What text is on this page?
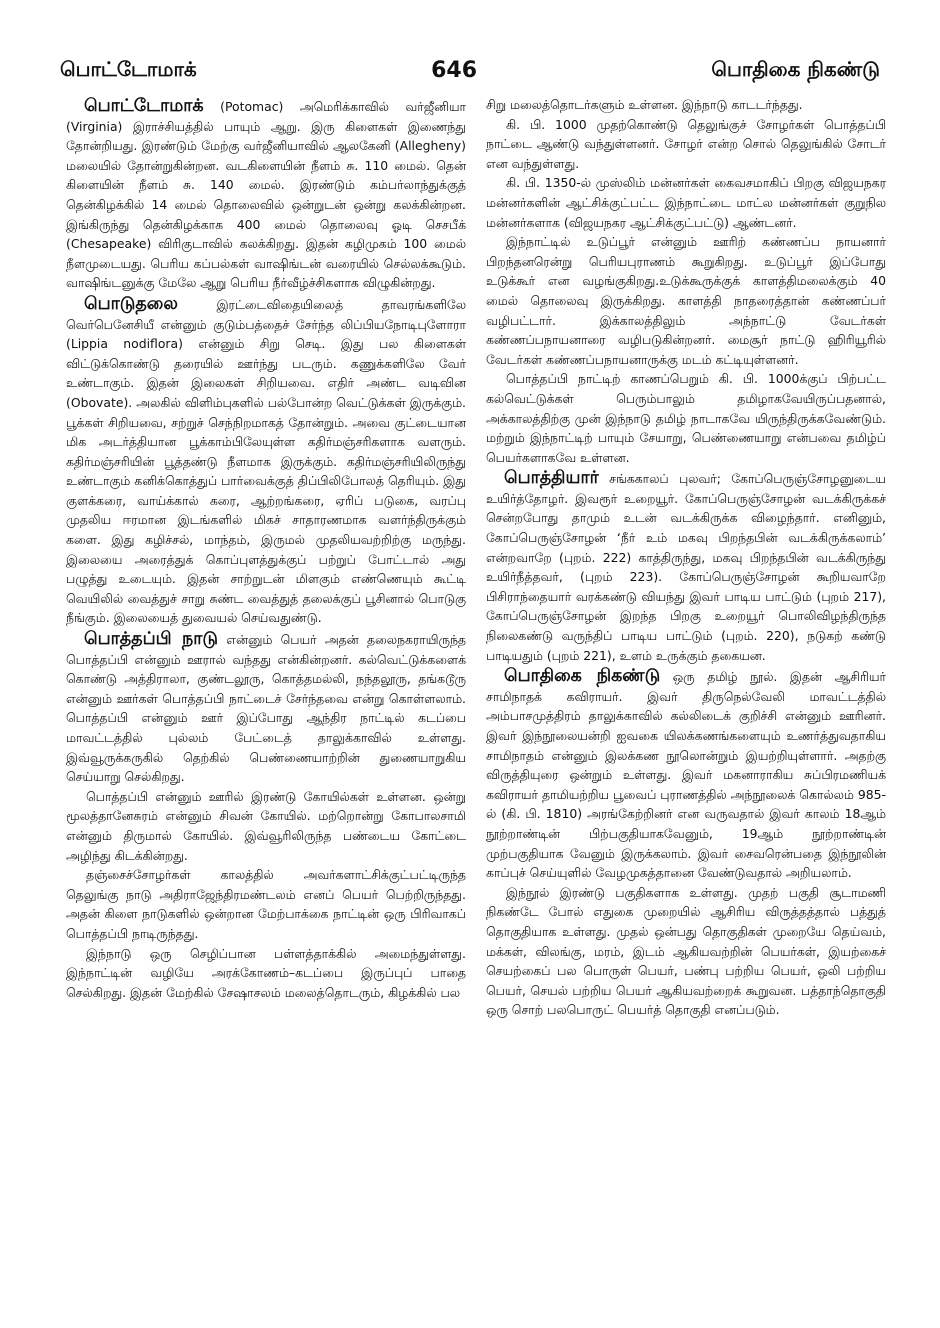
பொட்டோமாக்	646	பொதிகை நிகண்டு

பொட்டோமாக் (Potomac) அமெரிக்காவில் வர்ஜீனியா (Virginia) இராச்சியத்தில் பாயும் ஆறு. இரு கிளைகள் இணைந்து தோன்றியது. இரண்டும் மேற்கு வர்ஜீனியாவில் ஆலகேனி (Allegheny) மலையில் தோன்றுகின்றன. வடகிளையின் நீளம் சு. 110 மைல். தென் கிளையின் நீளம் சு. 140 மைல். இரண்டும் கம்பர்லாந்துக்குத் தென்கிழக்கில் 14 மைல் தொலைவில் ஒன்றுடன் ஒன்று கலக்கின்றன. இங்கிருந்து தென்கிழக்காக 400 மைல் தொலைவு ஓடி செசபீக் (Chesapeake) விரிகுடாவில் கலக்கிறது. இதன் கழிமுகம் 100 மைல் நீளமுடையது. பெரிய கப்பல்கள் வாஷிங்டன் வரையில் செல்லக்கூடும். வாஷிங்டனுக்கு மேலே ஆறு பெரிய நீர்வீழ்ச்சிகளாக விழுகின்றது.

பொடுதலை இரட்டைவிதையிலைத் தாவரங்களிலே வெர்பெனேசியீ என்னும் குடும்பத்தைச் சேர்ந்த லிப்பியநோடிபுளோரா (Lippia nodiflora) என்னும் சிறு செடி. இது பல கிளைகள் விட்டுக்கொண்டு தரையில் ஊர்ந்து படரும். கணுக்களிலே வேர் உண்டாகும். இதன் இலைகள் சிறியவை. எதிர் அண்ட வடிவின (Obovate). அலகில் விளிம்புகளில் பல்போன்ற வெட்டுக்கள் இருக்கும். பூக்கள் சிறியவை, சற்றுச் செந்நிறமாகத் தோன்றும். அவை குட்டையான மிக அடர்த்தியான பூக்காம்பிலேயுள்ள கதிர்மஞ்சரிகளாக வளரும். கதிர்மஞ்சரியின் பூத்தண்டு நீளமாக இருக்கும். கதிர்மஞ்சரியிலிருந்து உண்டாகும் கனிக்கொத்துப் பார்வைக்குத் திப்பிலிபோலத் தெரியும். இது குளக்கரை, வாய்க்கால் கரை, ஆற்றங்கரை, ஏரிப் படுகை, வரப்பு முதலிய ஈரமான இடங்களில் மிகச் சாதாரணமாக வளர்ந்திருக்கும் களை. இது கழிச்சல், மாந்தம், இருமல் முதலியவற்றிற்கு மருந்து. இலையை அரைத்துக் கொப்புளத்துக்குப் பற்றுப் போட்டால் அது பழுத்து உடையும். இதன் சாற்றுடன் மிளகும் எண்ணெயும் கூட்டி வெயிலில் வைத்துச் சாறு சுண்ட வைத்துத் தலைக்குப் பூசினால் பொடுகு நீங்கும். இலையைத் துவையல் செய்வதுண்டு.

பொத்தப்பி நாடு என்னும் பெயர் அதன் தலைநகராயிருந்த பொத்தப்பி என்னும் ஊரால் வந்தது என்கின்றனர். கல்வெட்டுக்களைக் கொண்டு அத்திராலா, குண்டலூரு, கொத்தமல்லி, நந்தலூரு, தங்கடூரு என்னும் ஊர்கள் பொத்தப்பி நாட்டைச் சேர்ந்தவை என்று கொள்ளலாம். பொத்தப்பி என்னும் ஊர் இப்போது ஆந்திர நாட்டில் கடப்பை மாவட்டத்தில் புல்லம் பேட்டைத் தாலுக்காவில் உள்ளது. இவ்வூருக்கருகில் தெற்கில் பெண்ணையாற்றின் துணையாறுகிய செய்யாறு செல்கிறது.

பொத்தப்பி என்னும் ஊரில் இரண்டு கோயில்கள் உள்ளன. ஒன்று மூலத்தானேசுரம் என்னும் சிவன் கோயில். மற்றொன்று கோபாலசாமி என்னும் திருமால் கோயில். இவ்வூரிலிருந்த பண்டைய கோட்டை அழிந்து கிடக்கின்றது.

தஞ்சைச்சோழர்கள் காலத்தில் அவர்களாட்சிக்குட்பட்டிருந்த தெலுங்கு நாடு அதிராஜேந்திரமண்டலம் எனப் பெயர் பெற்றிருந்தது. அதன் கிளை நாடுகளில் ஒன்றான மேற்பாக்கை நாட்டின் ஒரு பிரிவாகப் பொத்தப்பி நாடிருந்தது.

இந்நாடு ஒரு செழிப்பான பள்ளத்தாக்கில் அமைந்துள்ளது. இந்நாட்டின் வழியே அரக்கோணம்–கடப்பை இருப்புப் பாதை செல்கிறது. இதன் மேற்கில் சேஷாசலம் மலைத்தொடரும், கிழக்கில் பல

சிறு மலைத்தொடர்களும் உள்ளன. இந்நாடு காடடர்ந்தது.

கி. பி. 1000 முதற்கொண்டு தெலுங்குச் சோழர்கள் பொத்தப்பி நாட்டை ஆண்டு வந்துள்ளனர். சோழர் என்ற சொல் தெலுங்கில் சோடர் என வந்துள்ளது.

கி. பி. 1350-ல் முஸ்லிம் மன்னர்கள் கைவசமாகிப் பிறகு விஜயநகர மன்னர்களின் ஆட்சிக்குட்பட்ட இந்நாட்டை மாட்ல மன்னர்கள் குறுநில மன்னர்களாக (விஜயநகர ஆட்சிக்குட்பட்டு) ஆண்டனர்.

இந்நாட்டில் உடுப்பூர் என்னும் ஊரிற் கண்ணப்ப நாயனார் பிறந்தனரென்று பெரியபுராணம் கூறுகிறது. உடுப்பூர் இப்போது உடுக்கூர் என வழங்குகிறது.உடுக்கூருக்குக் காளத்திமலைக்கும் 40 மைல் தொலைவு இருக்கிறது. காளத்தி நாதரைத்தான் கண்ணப்பர் வழிபட்டார். இக்காலத்திலும் அந்நாட்டு வேடர்கள் கண்ணப்பநாயனாரை வழிபடுகின்றனர். மைசூர் நாட்டு ஹிரியூரில் வேடர்கள் கண்ணப்பநாயனாருக்கு மடம் கட்டியுள்ளனர்.

பொத்தப்பி நாட்டிற் காணப்பெறும் கி. பி. 1000க்குப் பிற்பட்ட கல்வெட்டுக்கள் பெரும்பாலும் தமிழாகவேயிருப்பதனால், அக்காலத்திற்கு முன் இந்நாடு தமிழ் நாடாகவே யிருந்திருக்கவேண்டும். மற்றும் இந்நாட்டிற் பாயும் சேயாறு, பெண்ணையாறு என்பவை தமிழ்ப் பெயர்களாகவே உள்ளன.

பொத்தியார் சங்ககாலப் புலவர்; கோப்பெருஞ்சோழனுடைய உயிர்த்தோழர். இவரூர் உறையூர். கோப்பெருஞ்சோழன் வடக்கிருக்கச் சென்றபோது தாமும் உடன் வடக்கிருக்க விழைந்தார். எனினும், கோப்பெருஞ்சோழன் ‘நீர் உம் மகவு பிறந்தபின் வடக்கிருக்கலாம்’ என்றவாறே (புறம். 222) காத்திருந்து, மகவு பிறந்தபின் வடக்கிருந்து உயிர்நீத்தவர், (புறம் 223). கோப்பெருஞ்சோழன் கூறியவாறே பிசிராந்தையார் வரக்கண்டு வியந்து இவர் பாடிய பாட்டும் (புறம் 217), கோப்பெருஞ்சோழன் இறந்த பிறகு உறையூர் பொலிவிழந்திருந்த நிலைகண்டு வருந்திப் பாடிய பாட்டும் (புறம். 220), நடுகற் கண்டு பாடியதும் (புறம் 221), உளம் உருக்கும் தகையன.

பொதிகை நிகண்டு ஒரு தமிழ் நூல். இதன் ஆசிரியர் சாமிநாதக் கவிராயர். இவர் திருநெல்வேலி மாவட்டத்தில் அம்பாசமுத்திரம் தாலுக்காவில் கல்லிடைக் குறிச்சி என்னும் ஊரினர். இவர் இந்நூலையன்றி ஐவகை யிலக்கணங்களையும் உணர்த்துவதாகிய சாமிநாதம் என்னும் இலக்கண நூலொன்றும் இயற்றியுள்ளார். அதற்கு விருத்தியுரை ஒன்றும் உள்ளது. இவர் மகனாராகிய சுப்பிரமணியக் கவிராயர் தாமியற்றிய பூவைப் புராணத்தில் அந்நூலைக் கொல்லம் 985-ல் (கி. பி. 1810) அரங்கேற்றினர் என வருவதால் இவர் காலம் 18ஆம் நூற்றாண்டின் பிற்பகுதியாகவேனும், 19ஆம் நூற்றாண்டின் முற்பகுதியாக வேனும் இருக்கலாம். இவர் சைவரென்பதை இந்நூலின் காப்புச் செய்யுளில் வேழமுகத்தானை வேண்டுவதால் அறியலாம்.

இந்நூல் இரண்டு பகுதிகளாக உள்ளது. முதற் பகுதி சூடாமணி நிகண்டே போல் எதுகை முறையில் ஆசிரிய விருத்தத்தால் பத்துத் தொகுதியாக உள்ளது. முதல் ஒன்பது தொகுதிகள் முறையே தெய்வம், மக்கள், விலங்கு, மரம், இடம் ஆகியவற்றின் பெயர்கள், இயற்கைச் செயற்கைப் பல பொருள் பெயர், பண்பு பற்றிய பெயர், ஒலி பற்றிய பெயர், செயல் பற்றிய பெயர் ஆகியவற்றைக் கூறுவன. பத்தாந்தொகுதி ஒரு சொற் பலபொருட் பெயர்த் தொகுதி எனப்படும்.
